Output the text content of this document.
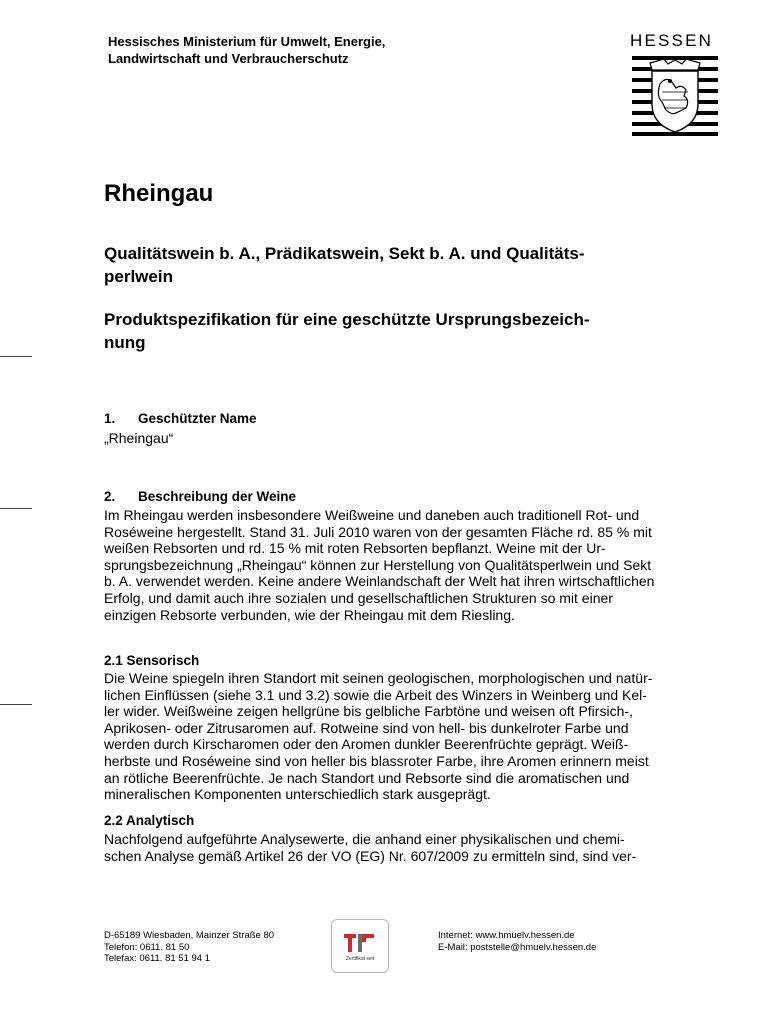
Hessisches Ministerium für Umwelt, Energie,
Landwirtschaft und Verbraucherschutz
HESSEN
Rheingau
Qualitätswein b. A., Prädikatswein, Sekt b. A. und Qualitäts-
perlwein
Produktspezifikation für eine geschützte Ursprungsbezeich-
nung
1. Geschützter Name
„Rheingau“
2. Beschreibung der Weine
Im Rheingau werden insbesondere Weißweine und daneben auch traditionell Rot- und
Roséweine hergestellt. Stand 31. Juli 2010 waren von der gesamten Fläche rd. 85 % mit
weißen Rebsorten und rd. 15 % mit roten Rebsorten bepflanzt. Weine mit der Ur-
sprungsbezeichnung „Rheingau“ können zur Herstellung von Qualitätsperlwein und Sekt
b. A. verwendet werden. Keine andere Weinlandschaft der Welt hat ihren wirtschaftlichen
Erfolg, und damit auch ihre sozialen und gesellschaftlichen Strukturen so mit einer
einzigen Rebsorte verbunden, wie der Rheingau mit dem Riesling.
2.1 Sensorisch
Die Weine spiegeln ihren Standort mit seinen geologischen, morphologischen und natür-
lichen Einflüssen (siehe 3.1 und 3.2) sowie die Arbeit des Winzers in Weinberg und Kel-
ler wider. Weißweine zeigen hellgrüne bis gelbliche Farbtöne und weisen oft Pfirsich-,
Aprikosen- oder Zitrusaromen auf. Rotweine sind von hell- bis dunkelroter Farbe und
werden durch Kirscharomen oder den Aromen dunkler Beerenfrüchte geprägt. Weiß-
herbste und Roséweine sind von heller bis blassroter Farbe, ihre Aromen erinnern meist
an rötliche Beerenfrüchte. Je nach Standort und Rebsorte sind die aromatischen und
mineralischen Komponenten unterschiedlich stark ausgeprägt.
2.2 Analytisch
Nachfolgend aufgeführte Analysewerte, die anhand einer physikalischen und chemi-
schen Analyse gemäß Artikel 26 der VO (EG) Nr. 607/2009 zu ermitteln sind, sind ver-
D-65189 Wiesbaden, Mainzer Straße 80
Telefon: 0611. 81 50
Telefax: 0611. 81 51 94 1	Zertifikat seit
Internet: www.hmuelv.hessen.de
E-Mail: poststelle@hmuelv.hessen.de
